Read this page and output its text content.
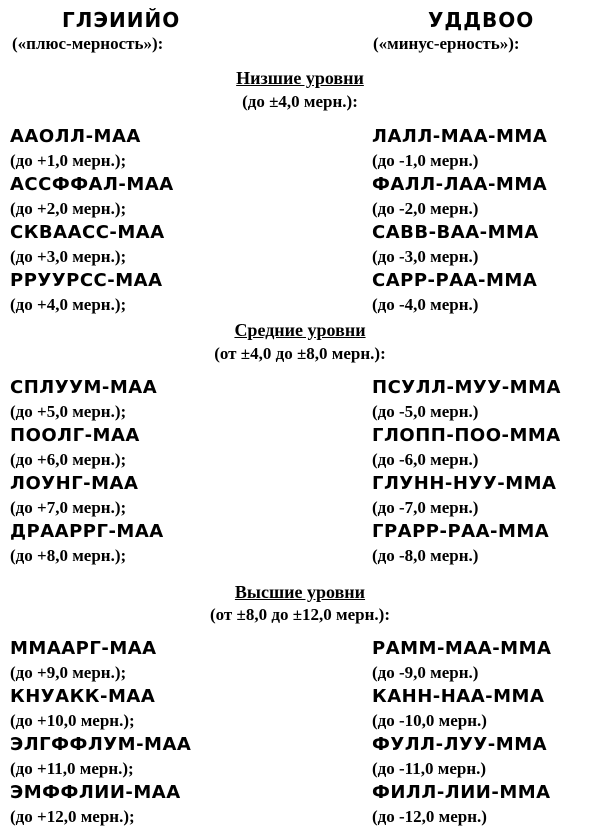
ГЛЭИИЙО
(«плюс-мерность»):
УДДВОО
(«минус-ерность»):
Низшие уровни
(до ±4,0 мерн.):
ААОЛЛ-МАА	ЛАЛЛ-МАА-ММА
(до +1,0 мерн.);	(до -1,0 мерн.)
АССФФАЛ-МАА	ФАЛЛ-ЛАА-ММА
(до +2,0 мерн.);	(до -2,0 мерн.)
СКВААСС-МАА	САВВ-ВАА-ММА
(до +3,0 мерн.);	(до -3,0 мерн.)
РРУУРСС-МАА	САРР-РАА-ММА
(до +4,0 мерн.);	(до -4,0 мерн.)
Средние уровни
(от ±4,0 до ±8,0 мерн.):
СПЛУУМ-МАА	ПСУЛЛ-МУУ-ММА
(до +5,0 мерн.);	(до -5,0 мерн.)
ПООЛГ-МАА	ГЛОПП-ПОО-ММА
(до +6,0 мерн.);	(до -6,0 мерн.)
ЛОУНГ-МАА	ГЛУНН-НУУ-ММА
(до +7,0 мерн.);	(до -7,0 мерн.)
ДРААРРГ-МАА	ГРАРР-РАА-ММА
(до +8,0 мерн.);	(до -8,0 мерн.)
Высшие уровни
(от ±8,0 до ±12,0 мерн.):
ММААРГ-МАА	РАММ-МАА-ММА
(до +9,0 мерн.);	(до -9,0 мерн.)
КНУАКК-МАА	КАНН-НАА-ММА
(до +10,0 мерн.);	(до -10,0 мерн.)
ЭЛГФФЛУМ-МАА	ФУЛЛ-ЛУУ-ММА
(до +11,0 мерн.);	(до -11,0 мерн.)
ЭМФФЛИИ-МАА	ФИЛЛ-ЛИИ-ММА
(до +12,0 мерн.);	(до -12,0 мерн.)
